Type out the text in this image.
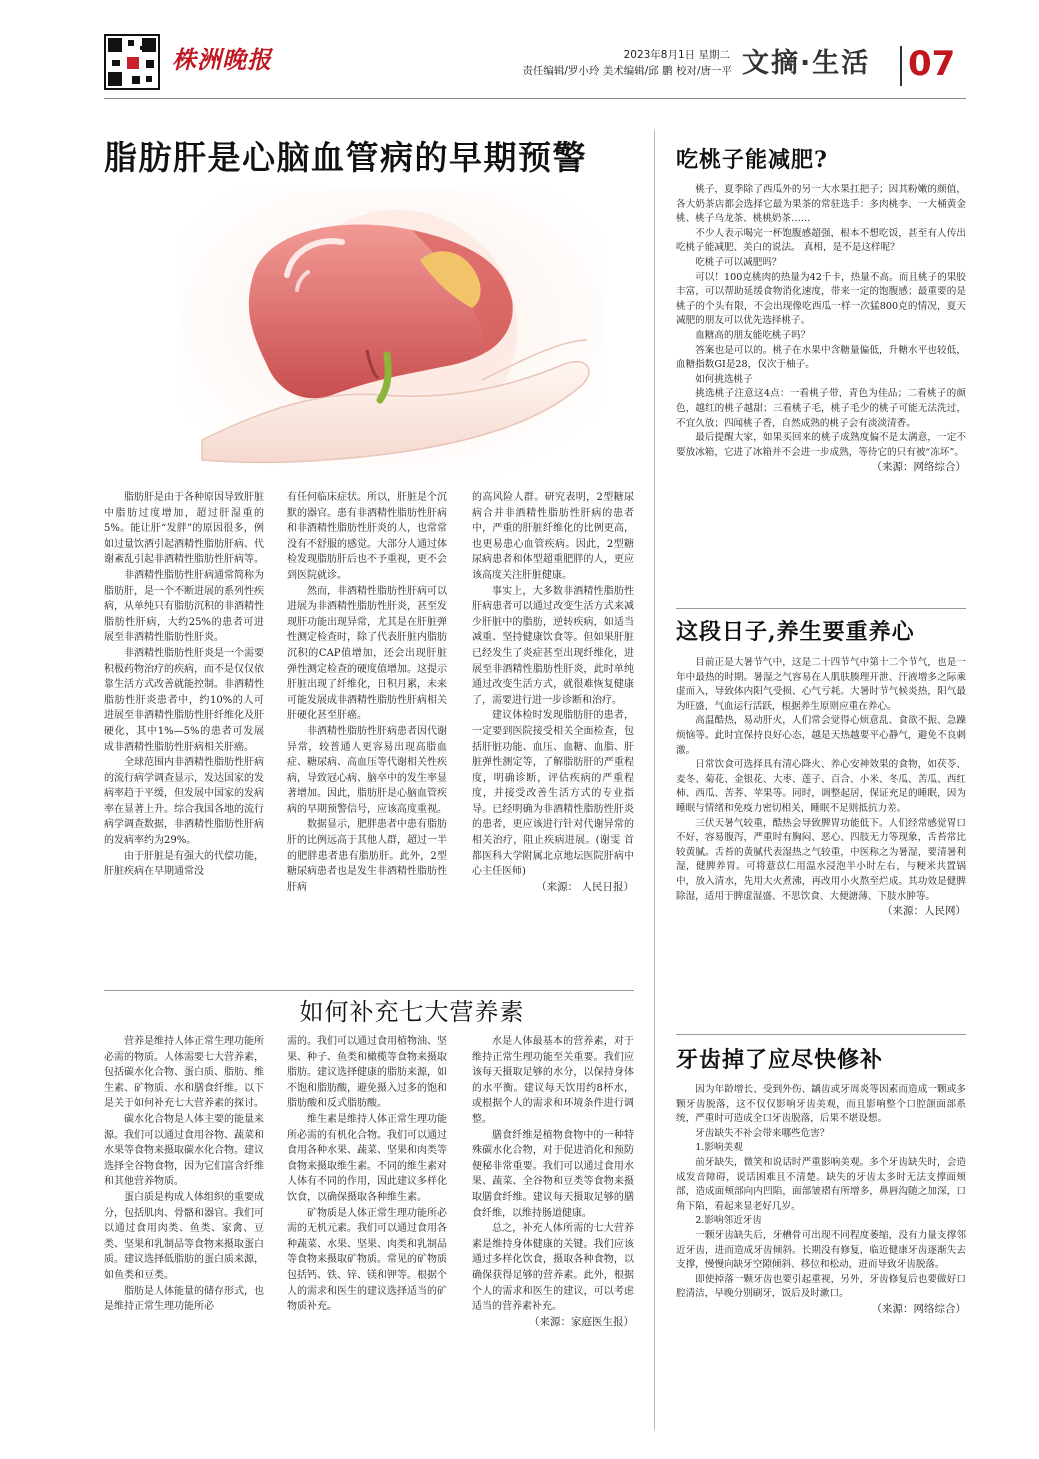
株洲晚报	2023年8月1日 星期二
责任编辑/罗小玲 美术编辑/邱 鹏 校对/唐一平 文摘·生活	07
脂肪肝是心脑血管病的早期预警

脂肪肝是由于各种原因导致肝脏中脂肪过度增加，超过肝湿重的5%。能让肝“发胖”的原因很多，例如过量饮酒引起酒精性脂肪肝病、代谢紊乱引起非酒精性脂肪性肝病等。

非酒精性脂肪性肝病通常简称为脂肪肝，是一个不断进展的系列性疾病，从单纯只有脂肪沉积的非酒精性脂肪性肝病，大约25%的患者可进展至非酒精性脂肪性肝炎。

非酒精性脂肪性肝炎是一个需要积极药物治疗的疾病，而不是仅仅依靠生活方式改善就能控制。非酒精性脂肪性肝炎患者中，约10%的人可进展至非酒精性脂肪性肝纤维化及肝硬化，其中1%—5%的患者可发展成非酒精性脂肪性肝病相关肝癌。

全球范围内非酒精性脂肪性肝病的流行病学调查显示，发达国家的发病率趋于平缓，但发展中国家的发病率在显著上升。综合我国各地的流行病学调查数据，非酒精性脂肪性肝病的发病率约为29%。

由于肝脏是有强大的代偿功能，肝脏疾病在早期通常没

有任何临床症状。所以，肝脏是个沉默的器官。患有非酒精性脂肪性肝病和非酒精性脂肪性肝炎的人，也常常没有不舒服的感觉。大部分人通过体检发现脂肪肝后也不予重视，更不会到医院就诊。

然而，非酒精性脂肪性肝病可以进展为非酒精性脂肪性肝炎，甚至发现肝功能出现异常，尤其是在肝脏弹性测定检查时，除了代表肝脏内脂肪沉积的CAP值增加，还会出现肝脏弹性测定检查的硬度值增加。这提示肝脏出现了纤维化，日积月累，未来可能发展成非酒精性脂肪性肝病相关肝硬化甚至肝癌。

非酒精性脂肪性肝病患者因代谢异常，较普通人更容易出现高脂血症、糖尿病、高血压等代谢相关性疾病，导致冠心病、脑卒中的发生率显著增加。因此，脂肪肝是心脑血管疾病的早期预警信号，应该高度重视。

数据显示，肥胖患者中患有脂肪肝的比例远高于其他人群，超过一半的肥胖患者患有脂肪肝。此外，2型糖尿病患者也是发生非酒精性脂肪性肝病

的高风险人群。研究表明，2型糖尿病合并非酒精性脂肪性肝病的患者中，严重的肝脏纤维化的比例更高，也更易患心血管疾病。因此，2型糖尿病患者和体型超重肥胖的人，更应该高度关注肝脏健康。

事实上，大多数非酒精性脂肪性肝病患者可以通过改变生活方式来减少肝脏中的脂肪，逆转疾病，如适当减重、坚持健康饮食等。但如果肝脏已经发生了炎症甚至出现纤维化，进展至非酒精性脂肪性肝炎，此时单纯通过改变生活方式，就很难恢复健康了，需要进行进一步诊断和治疗。

建议体检时发现脂肪肝的患者，一定要到医院接受相关全面检查，包括肝脏功能、血压、血糖、血脂、肝脏弹性测定等，了解脂肪肝的严重程度，明确诊断，评估疾病的严重程度，并接受改善生活方式的专业指导。已经明确为非酒精性脂肪性肝炎的患者，更应该进行针对代谢异常的相关治疗，阻止疾病进展。(谢雯 首都医科大学附属北京地坛医院肝病中心主任医师)

（来源： 人民日报）

如何补充七大营养素

营养是维持人体正常生理功能所必需的物质。人体需要七大营养素，包括碳水化合物、蛋白质、脂肪、维生素、矿物质、水和膳食纤维。以下是关于如何补充七大营养素的探讨。

碳水化合物是人体主要的能量来源。我们可以通过食用谷物、蔬菜和水果等食物来摄取碳水化合物。建议选择全谷物食物，因为它们富含纤维和其他营养物质。

蛋白质是构成人体组织的重要成分，包括肌肉、骨骼和器官。我们可以通过食用肉类、鱼类、家禽、豆类、坚果和乳制品等食物来摄取蛋白质。建议选择低脂肪的蛋白质来源，如鱼类和豆类。

脂肪是人体能量的储存形式，也是维持正常生理功能所必

需的。我们可以通过食用植物油、坚果、种子、鱼类和橄榄等食物来摄取脂肪。建议选择健康的脂肪来源，如不饱和脂肪酸，避免摄入过多的饱和脂肪酸和反式脂肪酸。

维生素是维持人体正常生理功能所必需的有机化合物。我们可以通过食用各种水果、蔬菜、坚果和肉类等食物来摄取维生素。不同的维生素对人体有不同的作用，因此建议多样化饮食，以确保摄取各种维生素。

矿物质是人体正常生理功能所必需的无机元素。我们可以通过食用各种蔬菜、水果、坚果、肉类和乳制品等食物来摄取矿物质。常见的矿物质包括钙、铁、锌、镁和钾等。根据个人的需求和医生的建议选择适当的矿物质补充。

水是人体最基本的营养素，对于维持正常生理功能至关重要。我们应该每天摄取足够的水分，以保持身体的水平衡。建议每天饮用约8杯水，或根据个人的需求和环境条件进行调整。

膳食纤维是植物食物中的一种特殊碳水化合物，对于促进消化和预防便秘非常重要。我们可以通过食用水果、蔬菜、全谷物和豆类等食物来摄取膳食纤维。建议每天摄取足够的膳食纤维，以维持肠道健康。

总之，补充人体所需的七大营养素是维持身体健康的关键。我们应该通过多样化饮食，摄取各种食物，以确保获得足够的营养素。此外，根据个人的需求和医生的建议，可以考虑适当的营养素补充。

（来源：家庭医生报）

吃桃子能减肥?

桃子，夏季除了西瓜外的另一大水果扛把子；因其粉嫩的颜值，各大奶茶店都会选择它最为果茶的常驻选手：多肉桃李、一大桶黄金桃、桃子乌龙茶、桃桃奶茶……

不少人表示喝完一杯饱腹感超强，根本不想吃饭，甚至有人传出吃桃子能减肥、美白的说法。 真相，是不是这样呢？

吃桃子可以减肥吗？

可以！100克桃肉的热量为42千卡，热量不高。而且桃子的果胶丰富，可以帮助延缓食物消化速度，带来一定的饱腹感；最重要的是桃子的个头有限，不会出现像吃西瓜一样一次猛800克的情况，夏天减肥的朋友可以优先选择桃子。

血糖高的朋友能吃桃子吗？

答案也是可以的。桃子在水果中含糖量偏低，升糖水平也较低，血糖指数GI是28，仅次于柚子。

如何挑选桃子

挑选桃子注意这4点：一看桃子带，青色为佳品；二看桃子的颜色，越红的桃子越甜；三看桃子毛，桃子毛少的桃子可能无法洗过，不宜久放；四闻桃子香，自然成熟的桃子会有淡淡清香。

最后提醒大家，如果买回来的桃子成熟度偏不是太满意，一定不要放冰箱，它进了冰箱并不会进一步成熟，等待它的只有被“冻坏”。

（来源：网络综合）

这段日子,养生要重养心

目前正是大暑节气中，这是二十四节气中第十二个节气，也是一年中最热的时期。暑湿之气容易在人肌肤腠理开泄、汗液增多之际乘虚而入，导致体内阳气受损、心气亏耗。大暑时节气候炎热，阳气最为旺盛，气血运行活跃，根据养生原则应重在养心。

高温酷热，易动肝火，人们常会觉得心烦意乱、食欲不振、急躁烦恼等。此时宜保持良好心态，越是天热越要平心静气，避免不良刺激。

日常饮食可选择具有清心降火、养心安神效果的食物，如茯苓、麦冬、菊花、金银花、大枣、莲子、百合、小米、冬瓜、苦瓜、西红柿、西瓜、苦荞、苹果等。同时，调整起居，保证充足的睡眠，因为睡眠与情绪和免疫力密切相关，睡眠不足则抵抗力差。

三伏天暑气较重，酷热会导致脾胃功能低下。人们经常感觉胃口不好，容易腹泻，严重时有胸闷、恶心、四肢无力等现象，舌苔常比较黄腻。舌苔的黄腻代表湿热之气较重，中医称之为暑湿，要清暑利湿，健脾养胃。可将薏苡仁用温水浸泡半小时左右，与粳米共置锅中，放入清水，先用大火煮沸，再改用小火熬至烂成。其功效是健脾除湿，适用于脾虚湿盛、不思饮食、大便溏薄、下肢水肿等。

（来源：人民网）

牙齿掉了应尽快修补

因为年龄增长、受到外伤、龋齿或牙周炎等因素而造成一颗或多颗牙齿脱落，这不仅仅影响牙齿美观，而且影响整个口腔颌面部系统，严重时可造成全口牙齿脱落，后果不堪设想。

牙齿缺失不补会带来哪些危害？

1.影响美观

前牙缺失，微笑和说话时严重影响美观。多个牙齿缺失时，会造成发音障碍，说话困难且不清楚。缺失的牙齿太多时无法支撑面颊部，造成面颊部向内凹陷，面部皱褶有所增多，鼻唇沟随之加深，口角下陷，看起来显老好几岁。

2.影响邻近牙齿

一颗牙齿缺失后，牙槽骨可出现不同程度萎缩，没有力量支撑邻近牙齿，进而造成牙齿倾斜。长期没有修复，临近健康牙齿逐渐失去支撑，慢慢向缺牙空隙倾斜、移位和松动，进而导致牙齿脱落。

即使掉落一颗牙齿也要引起重视，另外，牙齿修复后也要做好口腔清洁，早晚分别刷牙，饭后及时漱口。

（来源：网络综合）
